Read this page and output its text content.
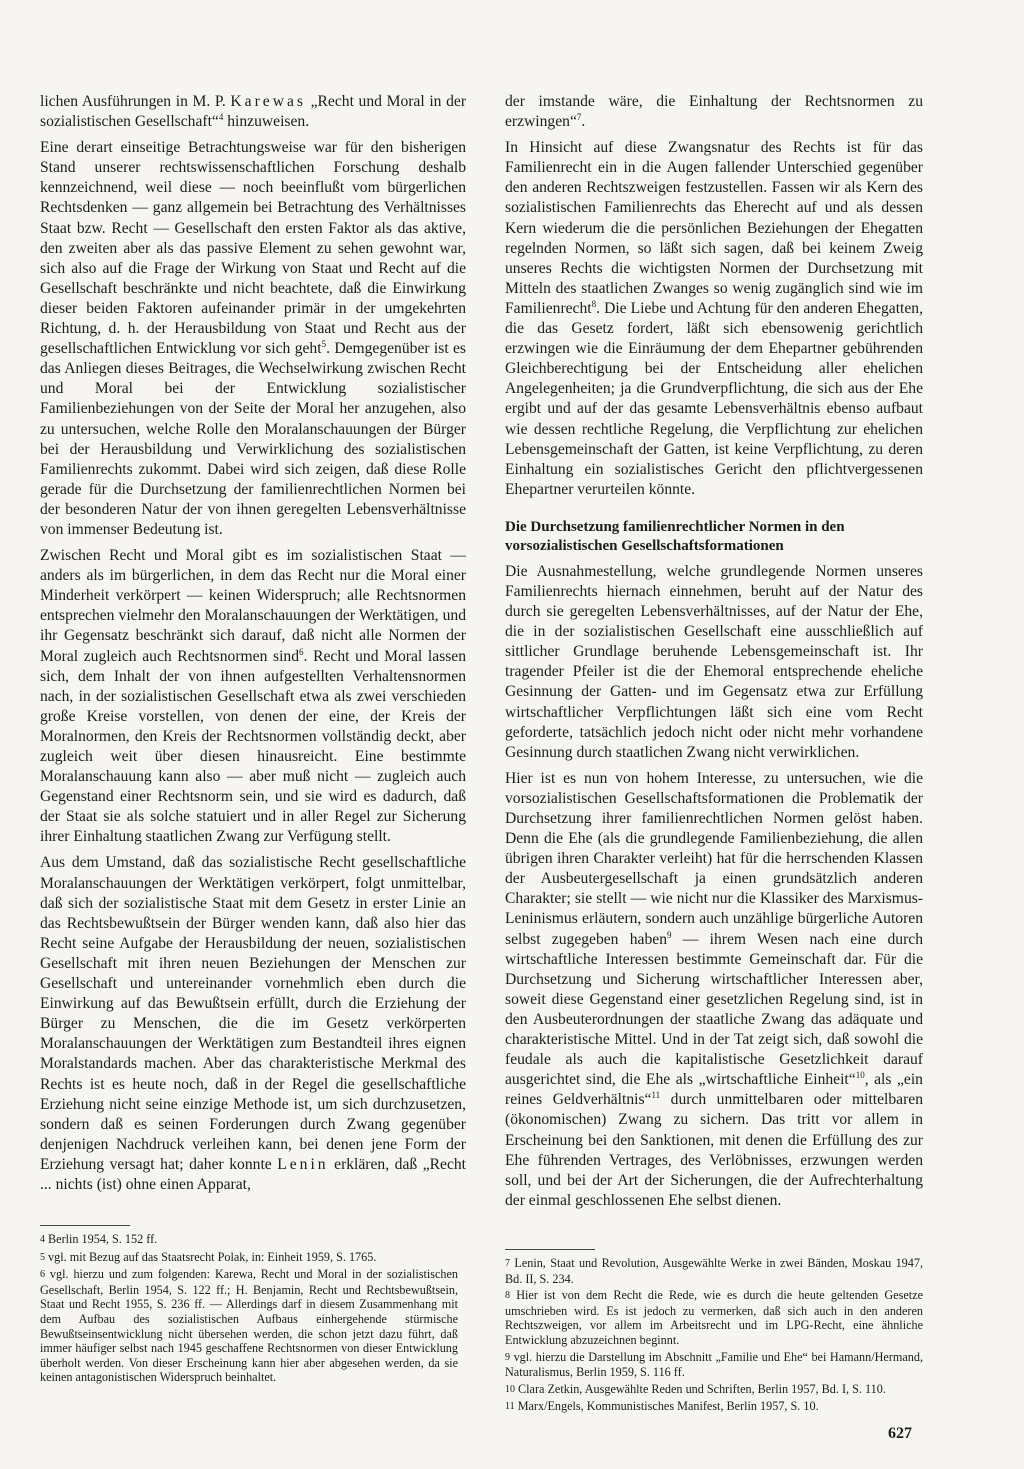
lichen Ausführungen in M. P. Karewas „Recht und Moral in der sozialistischen Gesellschaft“$^4$ hinzuweisen.

Eine derart einseitige Betrachtungsweise war für den bisherigen Stand unserer rechtswissenschaftlichen Forschung deshalb kennzeichnend, weil diese — noch beeinflußt vom bürgerlichen Rechtsdenken — ganz allgemein bei Betrachtung des Verhältnisses Staat bzw. Recht — Gesellschaft den ersten Faktor als das aktive, den zweiten aber als das passive Element zu sehen gewohnt war, sich also auf die Frage der Wirkung von Staat und Recht auf die Gesellschaft beschränkte und nicht beachtete, daß die Einwirkung dieser beiden Faktoren aufeinander primär in der umgekehrten Richtung, d. h. der Herausbildung von Staat und Recht aus der gesellschaftlichen Entwicklung vor sich geht$^5$. Demgegenüber ist es das Anliegen dieses Beitrages, die Wechselwirkung zwischen Recht und Moral bei der Entwicklung sozialistischer Familienbeziehungen von der Seite der Moral her anzugehen, also zu untersuchen, welche Rolle den Moralanschauungen der Bürger bei der Herausbildung und Verwirklichung des sozialistischen Familienrechts zukommt. Dabei wird sich zeigen, daß diese Rolle gerade für die Durchsetzung der familienrechtlichen Normen bei der besonderen Natur der von ihnen geregelten Lebensverhältnisse von immenser Bedeutung ist.

Zwischen Recht und Moral gibt es im sozialistischen Staat — anders als im bürgerlichen, in dem das Recht nur die Moral einer Minderheit verkörpert — keinen Widerspruch; alle Rechtsnormen entsprechen vielmehr den Moralanschauungen der Werktätigen, und ihr Gegensatz beschränkt sich darauf, daß nicht alle Normen der Moral zugleich auch Rechtsnormen sind$^6$. Recht und Moral lassen sich, dem Inhalt der von ihnen aufgestellten Verhaltensnormen nach, in der sozialistischen Gesellschaft etwa als zwei verschieden große Kreise vorstellen, von denen der eine, der Kreis der Moralnormen, den Kreis der Rechtsnormen vollständig deckt, aber zugleich weit über diesen hinausreicht. Eine bestimmte Moralanschauung kann also — aber muß nicht — zugleich auch Gegenstand einer Rechtsnorm sein, und sie wird es dadurch, daß der Staat sie als solche statuiert und in aller Regel zur Sicherung ihrer Einhaltung staatlichen Zwang zur Verfügung stellt.

Aus dem Umstand, daß das sozialistische Recht gesellschaftliche Moralanschauungen der Werktätigen verkörpert, folgt unmittelbar, daß sich der sozialistische Staat mit dem Gesetz in erster Linie an das Rechtsbewußtsein der Bürger wenden kann, daß also hier das Recht seine Aufgabe der Herausbildung der neuen, sozialistischen Gesellschaft mit ihren neuen Beziehungen der Menschen zur Gesellschaft und untereinander vornehmlich eben durch die Einwirkung auf das Bewußtsein erfüllt, durch die Erziehung der Bürger zu Menschen, die die im Gesetz verkörperten Moralanschauungen der Werktätigen zum Bestandteil ihres eignen Moralstandards machen. Aber das charakteristische Merkmal des Rechts ist es heute noch, daß in der Regel die gesellschaftliche Erziehung nicht seine einzige Methode ist, um sich durchzusetzen, sondern daß es seinen Forderungen durch Zwang gegenüber denjenigen Nachdruck verleihen kann, bei denen jene Form der Erziehung versagt hat; daher konnte Lenin erklären, daß „Recht ... nichts (ist) ohne einen Apparat,

der imstande wäre, die Einhaltung der Rechtsnormen zu erzwingen“$^7$.

In Hinsicht auf diese Zwangsnatur des Rechts ist für das Familienrecht ein in die Augen fallender Unterschied gegenüber den anderen Rechtszweigen festzustellen. Fassen wir als Kern des sozialistischen Familienrechts das Eherecht auf und als dessen Kern wiederum die die persönlichen Beziehungen der Ehegatten regelnden Normen, so läßt sich sagen, daß bei keinem Zweig unseres Rechts die wichtigsten Normen der Durchsetzung mit Mitteln des staatlichen Zwanges so wenig zugänglich sind wie im Familienrecht$^8$. Die Liebe und Achtung für den anderen Ehegatten, die das Gesetz fordert, läßt sich ebensowenig gerichtlich erzwingen wie die Einräumung der dem Ehepartner gebührenden Gleichberechtigung bei der Entscheidung aller ehelichen Angelegenheiten; ja die Grundverpflichtung, die sich aus der Ehe ergibt und auf der das gesamte Lebensverhältnis ebenso aufbaut wie dessen rechtliche Regelung, die Verpflichtung zur ehelichen Lebensgemeinschaft der Gatten, ist keine Verpflichtung, zu deren Einhaltung ein sozialistisches Gericht den pflichtvergessenen Ehepartner verurteilen könnte.

Die Durchsetzung familienrechtlicher Normen in den vorsozialistischen Gesellschaftsformationen

Die Ausnahmestellung, welche grundlegende Normen unseres Familienrechts hiernach einnehmen, beruht auf der Natur des durch sie geregelten Lebensverhältnisses, auf der Natur der Ehe, die in der sozialistischen Gesellschaft eine ausschließlich auf sittlicher Grundlage beruhende Lebensgemeinschaft ist. Ihr tragender Pfeiler ist die der Ehemoral entsprechende eheliche Gesinnung der Gatten- und im Gegensatz etwa zur Erfüllung wirtschaftlicher Verpflichtungen läßt sich eine vom Recht geforderte, tatsächlich jedoch nicht oder nicht mehr vorhandene Gesinnung durch staatlichen Zwang nicht verwirklichen.

Hier ist es nun von hohem Interesse, zu untersuchen, wie die vorsozialistischen Gesellschaftsformationen die Problematik der Durchsetzung ihrer familienrechtlichen Normen gelöst haben. Denn die Ehe (als die grundlegende Familienbeziehung, die allen übrigen ihren Charakter verleiht) hat für die herrschenden Klassen der Ausbeutergesellschaft ja einen grundsätzlich anderen Charakter; sie stellt — wie nicht nur die Klassiker des Marxismus-Leninismus erläutern, sondern auch unzählige bürgerliche Autoren selbst zugegeben haben$^9$ — ihrem Wesen nach eine durch wirtschaftliche Interessen bestimmte Gemeinschaft dar. Für die Durchsetzung und Sicherung wirtschaftlicher Interessen aber, soweit diese Gegenstand einer gesetzlichen Regelung sind, ist in den Ausbeuterordnungen der staatliche Zwang das adäquate und charakteristische Mittel. Und in der Tat zeigt sich, daß sowohl die feudale als auch die kapitalistische Gesetzlichkeit darauf ausgerichtet sind, die Ehe als „wirtschaftliche Einheit“$^{10}$, als „ein reines Geldverhältnis“$^{11}$ durch unmittelbaren oder mittelbaren (ökonomischen) Zwang zu sichern. Das tritt vor allem in Erscheinung bei den Sanktionen, mit denen die Erfüllung des zur Ehe führenden Vertrages, des Verlöbnisses, erzwungen werden soll, und bei der Art der Sicherungen, die der Aufrechterhaltung der einmal geschlossenen Ehe selbst dienen.

4 Berlin 1954, S. 152 ff.

5 vgl. mit Bezug auf das Staatsrecht Polak, in: Einheit 1959, S. 1765.

6 vgl. hierzu und zum folgenden: Karewa, Recht und Moral in der sozialistischen Gesellschaft, Berlin 1954, S. 122 ff.; H. Benjamin, Recht und Rechtsbewußtsein, Staat und Recht 1955, S. 236 ff. — Allerdings darf in diesem Zusammenhang mit dem Aufbau des sozialistischen Aufbaus einhergehende stürmische Bewußtseinsentwicklung nicht übersehen werden, die schon jetzt dazu führt, daß immer häufiger selbst nach 1945 geschaffene Rechtsnormen von dieser Entwicklung überholt werden. Von dieser Erscheinung kann hier aber abgesehen werden, da sie keinen antagonistischen Widerspruch beinhaltet.

7 Lenin, Staat und Revolution, Ausgewählte Werke in zwei Bänden, Moskau 1947, Bd. II, S. 234.

8 Hier ist von dem Recht die Rede, wie es durch die heute geltenden Gesetze umschrieben wird. Es ist jedoch zu vermerken, daß sich auch in den anderen Rechtszweigen, vor allem im Arbeitsrecht und im LPG-Recht, eine ähnliche Entwicklung abzuzeichnen beginnt.

9 vgl. hierzu die Darstellung im Abschnitt „Familie und Ehe“ bei Hamann/Hermand, Naturalismus, Berlin 1959, S. 116 ff.

10 Clara Zetkin, Ausgewählte Reden und Schriften, Berlin 1957, Bd. I, S. 110.

11 Marx/Engels, Kommunistisches Manifest, Berlin 1957, S. 10.

627
